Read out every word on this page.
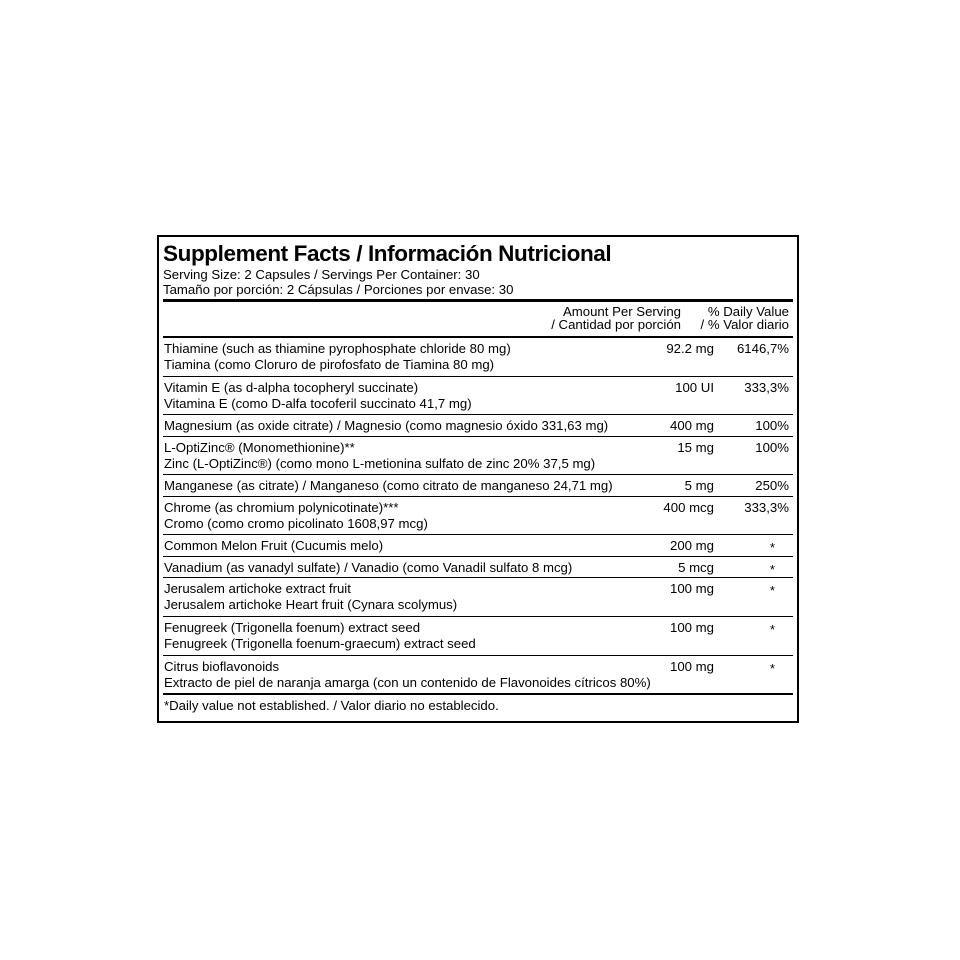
Supplement Facts / Información Nutricional
Serving Size: 2 Capsules / Servings Per Container: 30
Tamaño por porción: 2 Cápsulas / Porciones por envase: 30
Amount Per Serving
/ Cantidad por porción
% Daily Value
/ % Valor diario
Thiamine (such as thiamine pyrophosphate chloride 80 mg)
Tiamina (como Cloruro de pirofosfato de Tiamina 80 mg)
92.2 mg 6146,7%
Vitamin E (as d-alpha tocopheryl succinate)
Vitamina E (como D-alfa tocoferil succinato 41,7 mg)
100 UI 333,3%
Magnesium (as oxide citrate) / Magnesio (como magnesio óxido 331,63 mg)	400 mg	100%
L-OptiZinc® (Monomethionine)**
Zinc (L-OptiZinc®) (como mono L-metionina sulfato de zinc 20% 37,5 mg)
15 mg	100%
Manganese (as citrate) / Manganeso (como citrato de manganeso 24,71 mg)	5 mg	250%
Chrome (as chromium polynicotinate)***
Cromo (como cromo picolinato 1608,97 mcg)
400 mcg 333,3%
Common Melon Fruit (Cucumis melo)	200 mg	*
Vanadium (as vanadyl sulfate) / Vanadio (como Vanadil sulfato 8 mcg)	5 mcg	*
Jerusalem artichoke extract fruit
Jerusalem artichoke Heart fruit (Cynara scolymus)
100 mg	*
Fenugreek (Trigonella foenum) extract seed
Fenugreek (Trigonella foenum-graecum) extract seed
100 mg	*
Citrus bioflavonoids
Extracto de piel de naranja amarga (con un contenido de Flavonoides cítricos 80%)
100 mg	*
*Daily value not established. / Valor diario no establecido.
